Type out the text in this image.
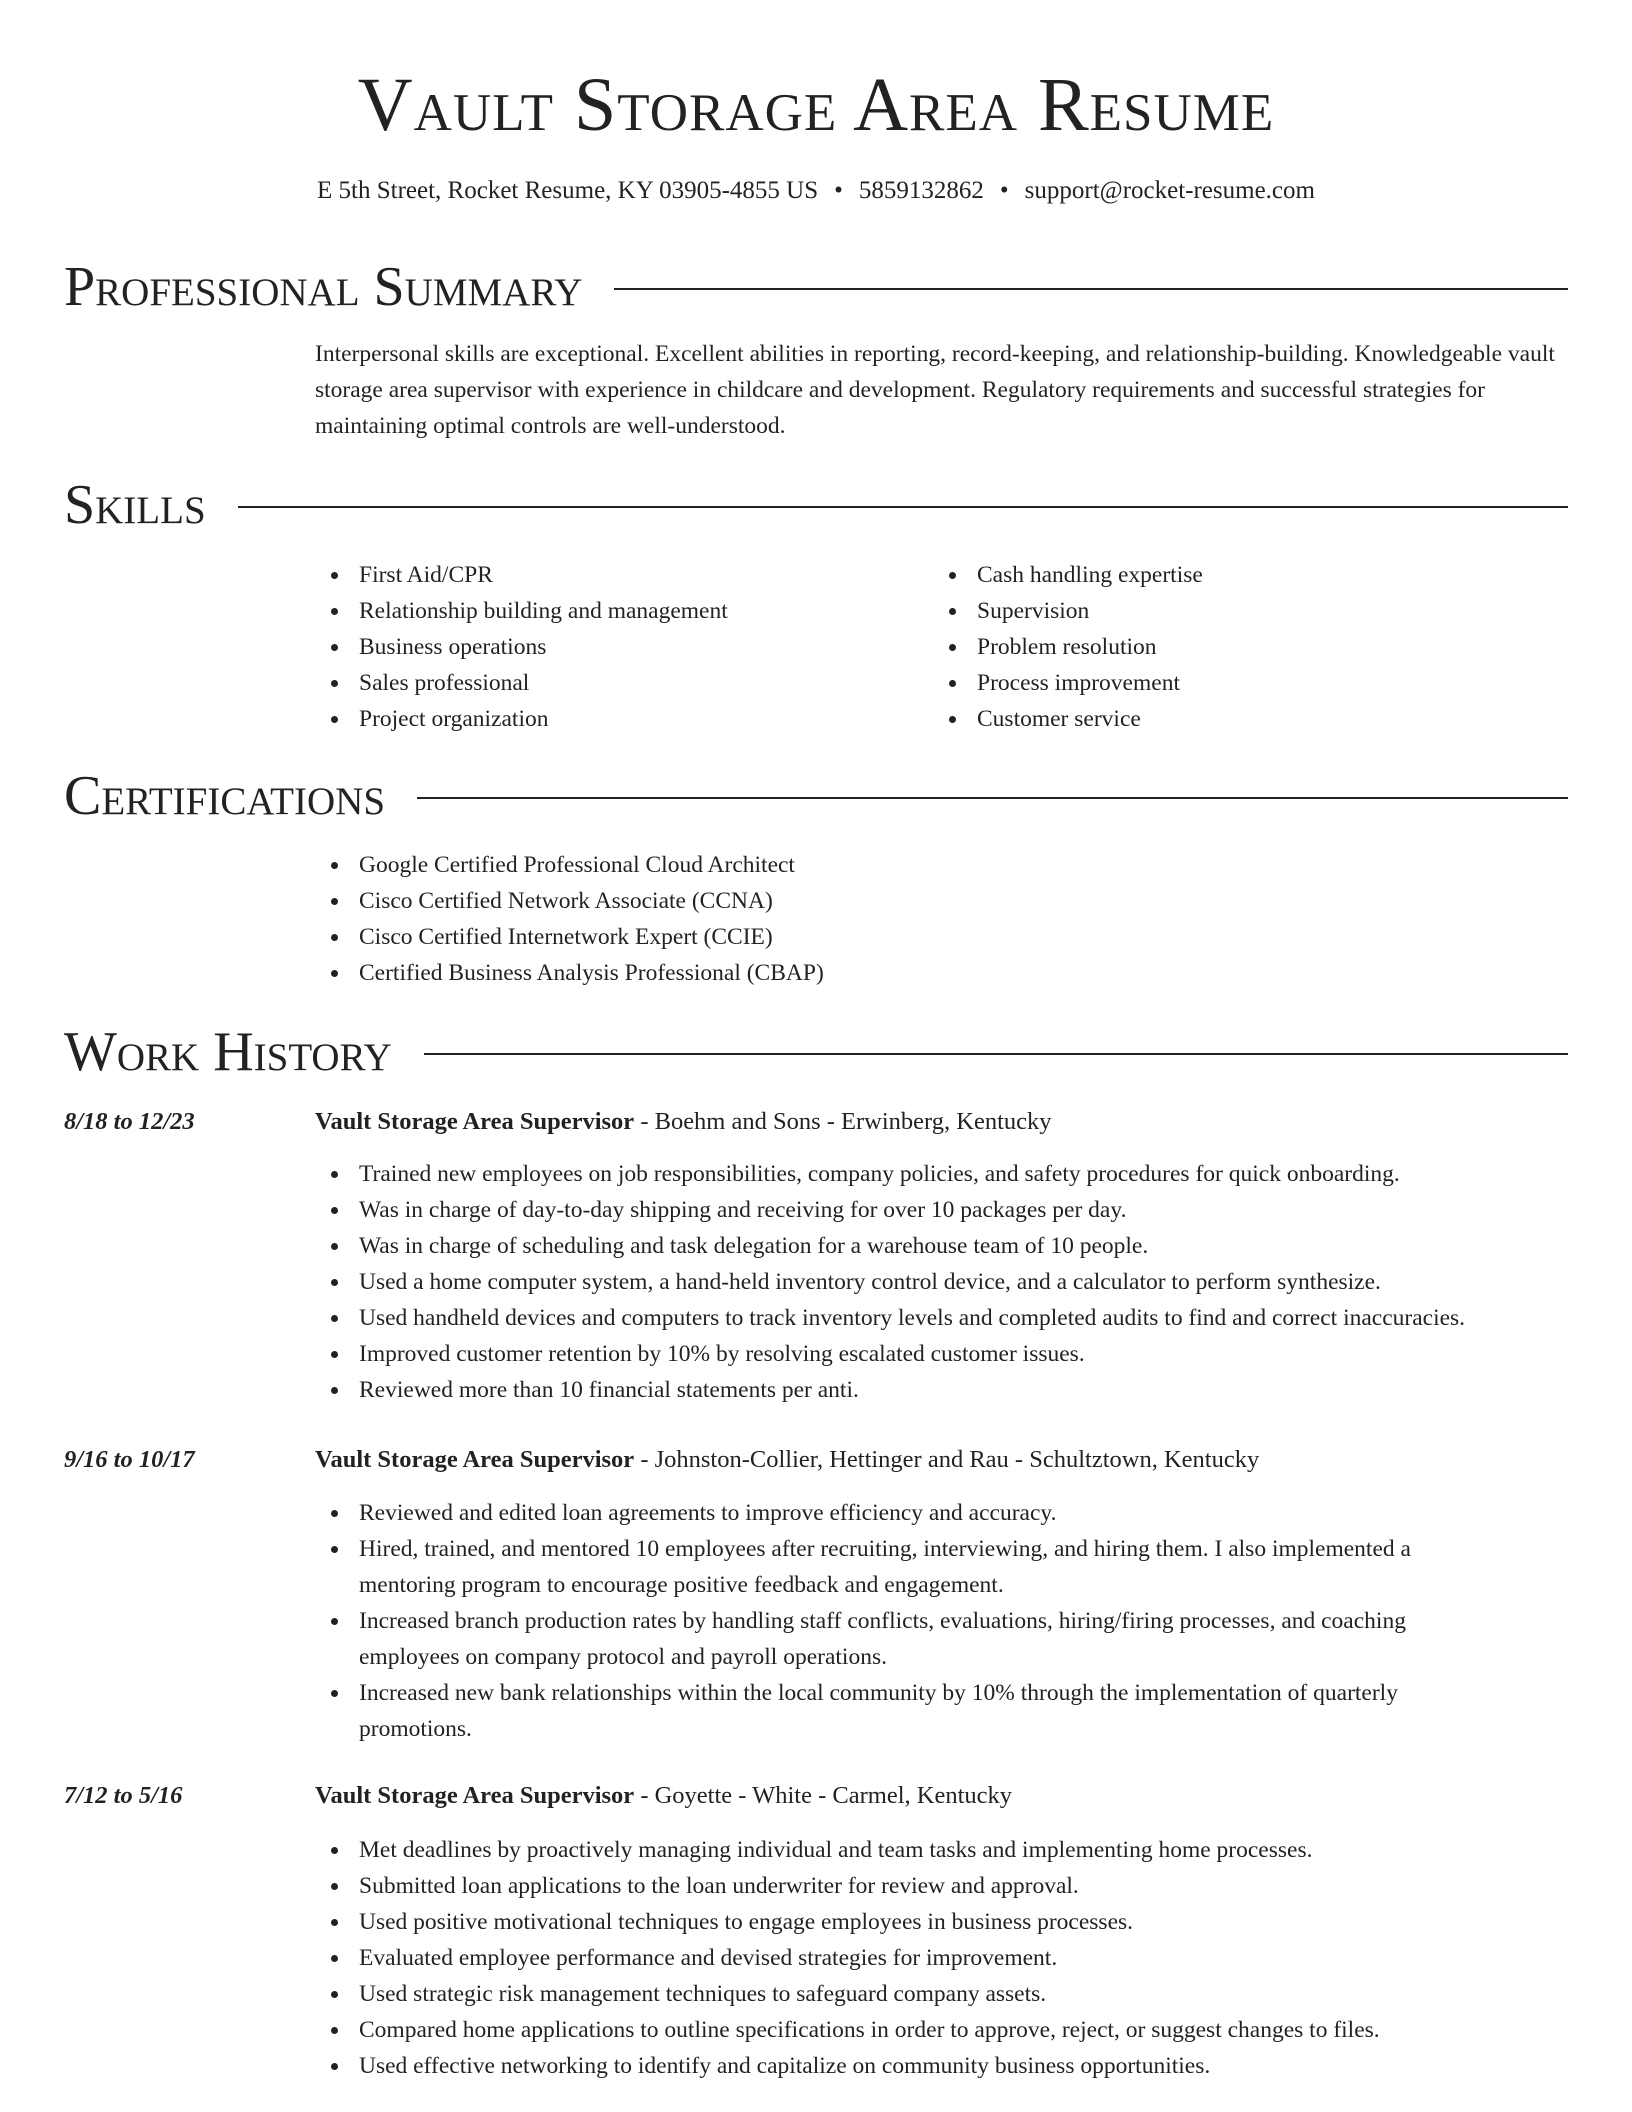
Vault Storage Area Resume
E 5th Street, Rocket Resume, KY 03905-4855 US • 5859132862 • support@rocket-resume.com
Professional Summary
Interpersonal skills are exceptional. Excellent abilities in reporting, record-keeping, and relationship-building. Knowledgeable vault storage area supervisor with experience in childcare and development. Regulatory requirements and successful strategies for maintaining optimal controls are well-understood.
Skills
First Aid/CPR
Relationship building and management
Business operations
Sales professional
Project organization
Cash handling expertise
Supervision
Problem resolution
Process improvement
Customer service
Certifications
Google Certified Professional Cloud Architect
Cisco Certified Network Associate (CCNA)
Cisco Certified Internetwork Expert (CCIE)
Certified Business Analysis Professional (CBAP)
Work History
8/18 to 12/23	Vault Storage Area Supervisor - Boehm and Sons - Erwinberg, Kentucky
Trained new employees on job responsibilities, company policies, and safety procedures for quick onboarding.
Was in charge of day-to-day shipping and receiving for over 10 packages per day.
Was in charge of scheduling and task delegation for a warehouse team of 10 people.
Used a home computer system, a hand-held inventory control device, and a calculator to perform synthesize.
Used handheld devices and computers to track inventory levels and completed audits to find and correct inaccuracies.
Improved customer retention by 10% by resolving escalated customer issues.
Reviewed more than 10 financial statements per anti.
9/16 to 10/17	Vault Storage Area Supervisor - Johnston-Collier, Hettinger and Rau - Schultztown, Kentucky
Reviewed and edited loan agreements to improve efficiency and accuracy.
Hired, trained, and mentored 10 employees after recruiting, interviewing, and hiring them. I also implemented a mentoring program to encourage positive feedback and engagement.
Increased branch production rates by handling staff conflicts, evaluations, hiring/firing processes, and coaching employees on company protocol and payroll operations.
Increased new bank relationships within the local community by 10% through the implementation of quarterly promotions.
7/12 to 5/16	Vault Storage Area Supervisor - Goyette - White - Carmel, Kentucky
Met deadlines by proactively managing individual and team tasks and implementing home processes.
Submitted loan applications to the loan underwriter for review and approval.
Used positive motivational techniques to engage employees in business processes.
Evaluated employee performance and devised strategies for improvement.
Used strategic risk management techniques to safeguard company assets.
Compared home applications to outline specifications in order to approve, reject, or suggest changes to files.
Used effective networking to identify and capitalize on community business opportunities.
